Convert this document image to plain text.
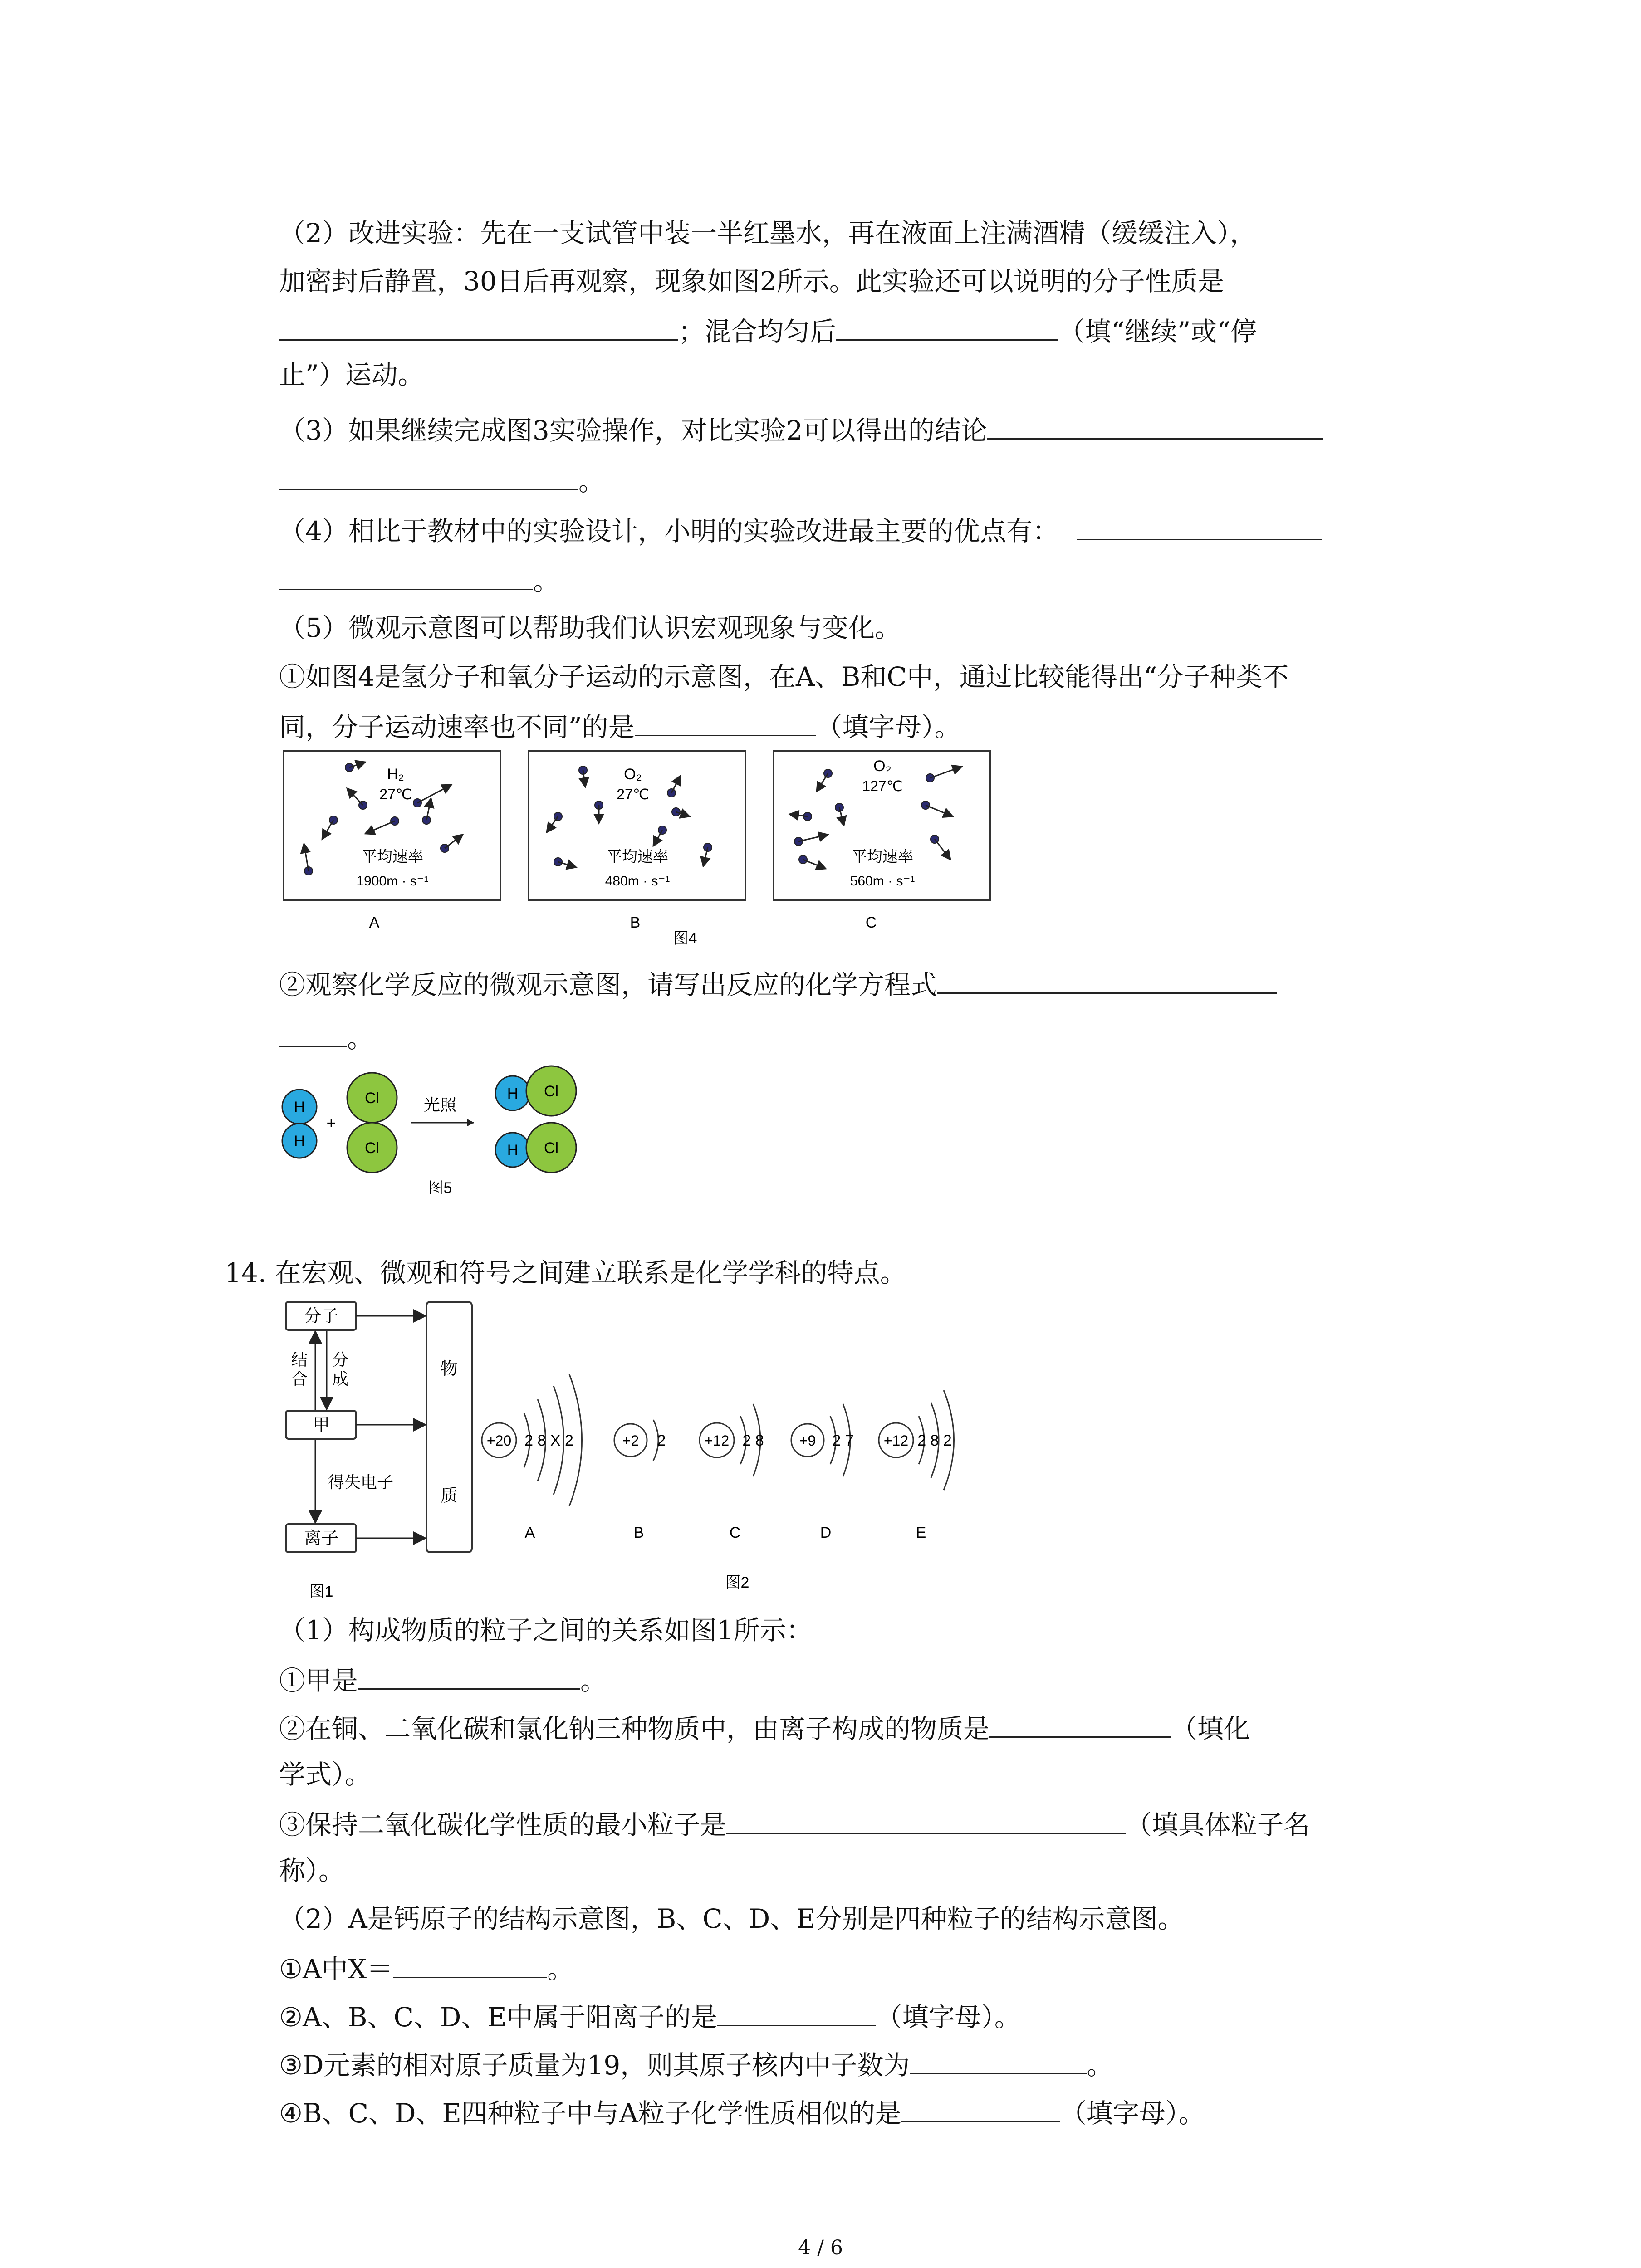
（2）改进实验：先在一支试管中装一半红墨水，再在液面上注满酒精（缓缓注入），
加密封后静置，30日后再观察，现象如图2所示。此实验还可以说明的分子性质是
；混合均匀后	（填“继续”或“停
止”）运动。
（3）如果继续完成图3实验操作，对比实验2可以得出的结论
。
（4）相比于教材中的实验设计，小明的实验改进最主要的优点有：
。
（5）微观示意图可以帮助我们认识宏观现象与变化。
①如图4是氢分子和氧分子运动的示意图，在A、B和C中，通过比较能得出“分子种类不
同，分子运动速率也不同”的是	（填字母）。
H₂
27℃
平均速率
1900m · s⁻¹
A
O₂
27℃
平均速率
480m · s⁻¹
B
O₂
127℃
平均速率
560m · s⁻¹
C
图4
②观察化学反应的微观示意图，请写出反应的化学方程式
。
H
H
+
Cl
Cl
光照
H Cl
H Cl
图5
14. 在宏观、微观和符号之间建立联系是化学学科的特点。
分子
甲
离子
物
质
结合
分成
得失电子
图1
+20 2 8 X 2
A
+2 2
B
+12 2 8
C
+9 2 7
D
+12 2 8 2
E
图2
（1）构成物质的粒子之间的关系如图1所示：
①甲是	。
②在铜、二氧化碳和氯化钠三种物质中，由离子构成的物质是	（填化
学式）。
③保持二氧化碳化学性质的最小粒子是	（填具体粒子名
称）。
（2）A是钙原子的结构示意图，B、C、D、E分别是四种粒子的结构示意图。
①A中X＝	。
②A、B、C、D、E中属于阳离子的是	（填字母）。
③D元素的相对原子质量为19，则其原子核内中子数为	。
④B、C、D、E四种粒子中与A粒子化学性质相似的是	（填字母）。
4 / 6
